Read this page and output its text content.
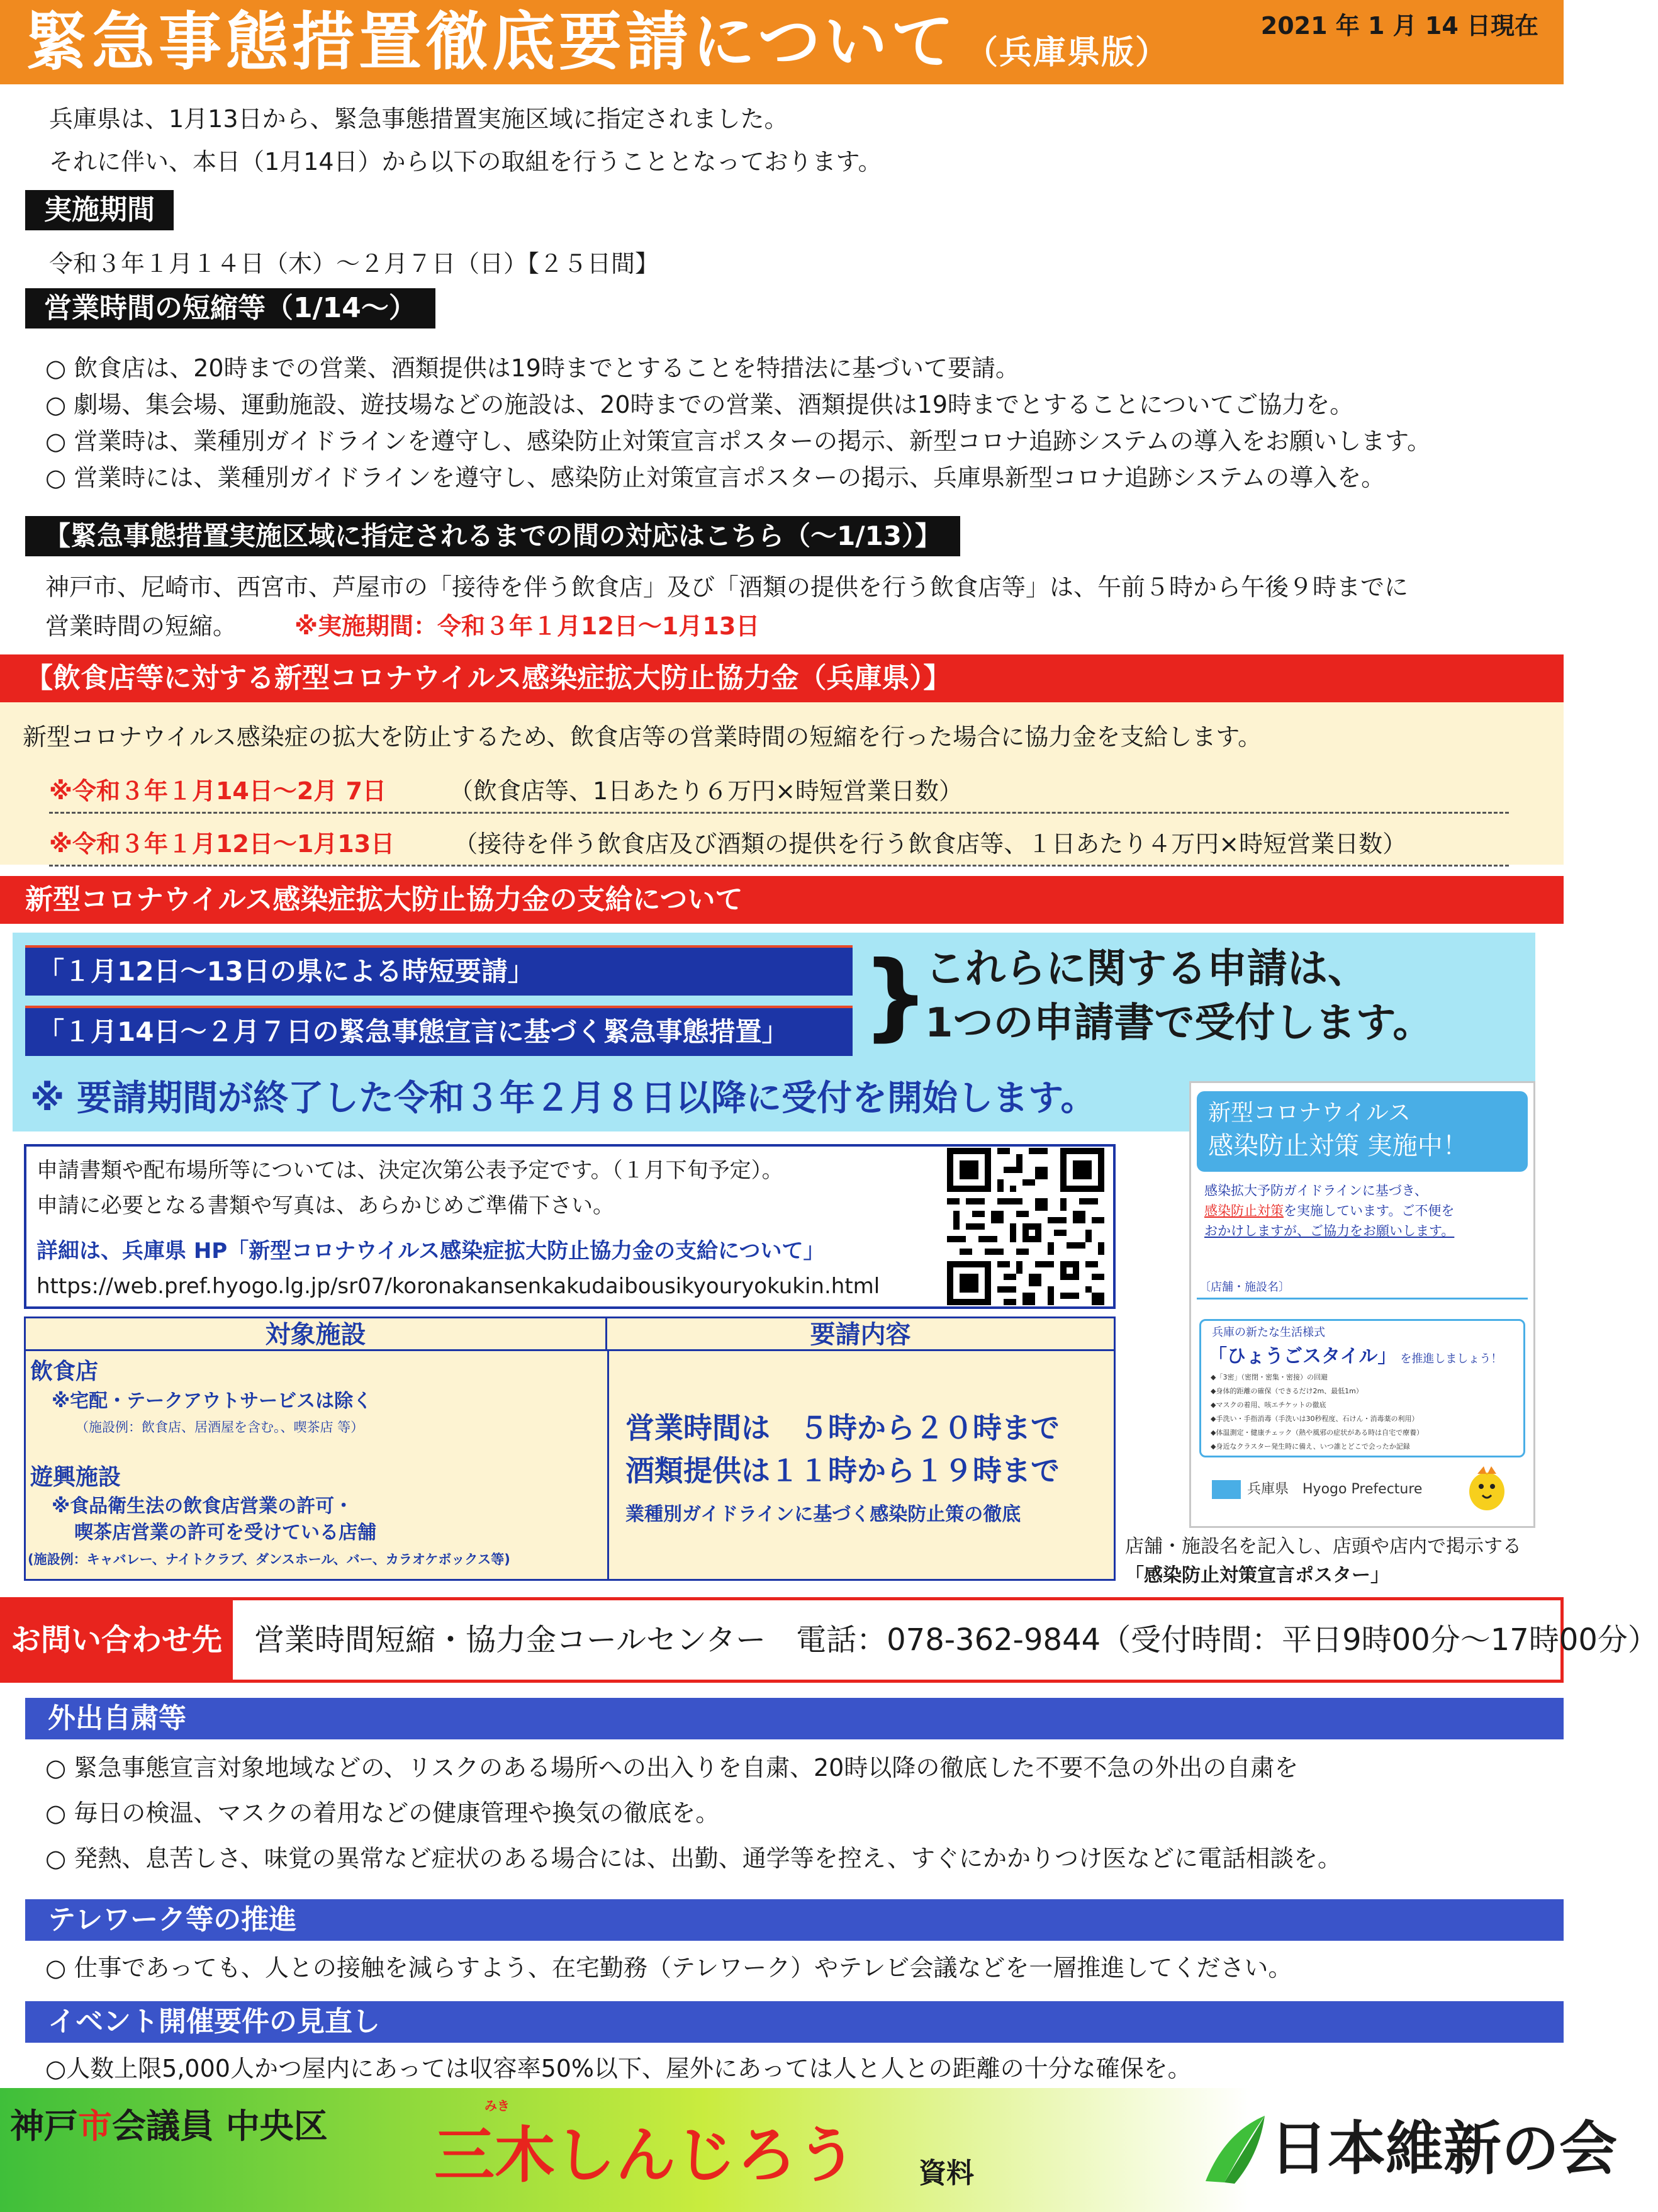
緊急事態措置徹底要請について （兵庫県版）
2021 年 1 月 14 日現在
兵庫県は、1月13日から、緊急事態措置実施区域に指定されました。
それに伴い、本日（1月14日）から以下の取組を行うこととなっております。
実施期間
令和３年１月１４日（木）～２月７日（日）【２５日間】
営業時間の短縮等（1/14～）
○ 飲食店は、20時までの営業、酒類提供は19時までとすることを特措法に基づいて要請。
○ 劇場、集会場、運動施設、遊技場などの施設は、20時までの営業、酒類提供は19時までとすることについてご協力を。
○ 営業時は、業種別ガイドラインを遵守し、感染防止対策宣言ポスターの掲示、新型コロナ追跡システムの導入をお願いします。
○ 営業時には、業種別ガイドラインを遵守し、感染防止対策宣言ポスターの掲示、兵庫県新型コロナ追跡システムの導入を。
【緊急事態措置実施区域に指定されるまでの間の対応はこちら（～1/13）】
神戸市、尼崎市、西宮市、芦屋市の「接待を伴う飲食店」及び「酒類の提供を行う飲食店等」は、午前５時から午後９時までに
営業時間の短縮。 ※実施期間：令和３年１月12日～1月13日
【飲食店等に対する新型コロナウイルス感染症拡大防止協力金（兵庫県）】
新型コロナウイルス感染症の拡大を防止するため、飲食店等の営業時間の短縮を行った場合に協力金を支給します。
※令和３年１月14日～2月 7日	（飲食店等、1日あたり６万円×時短営業日数）
※令和３年１月12日～1月13日 （接待を伴う飲食店及び酒類の提供を行う飲食店等、１日あたり４万円×時短営業日数）
新型コロナウイルス感染症拡大防止協力金の支給について
「１月12日～13日の県による時短要請」
「１月14日～２月７日の緊急事態宣言に基づく緊急事態措置」 }
これらに関する申請は、
1つの申請書で受付します。
※ 要請期間が終了した令和３年２月８日以降に受付を開始します。
申請書類や配布場所等については、決定次第公表予定です。（１月下旬予定）。
申請に必要となる書類や写真は、あらかじめご準備下さい。
詳細は、兵庫県 HP「新型コロナウイルス感染症拡大防止協力金の支給について」
https://web.pref.hyogo.lg.jp/sr07/koronakansenkakudaibousikyouryokukin.html
対象施設	要請内容
飲食店
※宅配・テークアウトサービスは除く
（施設例：飲食店、居酒屋を含む。、喫茶店 等）
遊興施設
※食品衛生法の飲食店営業の許可・
喫茶店営業の許可を受けている店舗
(施設例：キャバレー、ナイトクラブ、ダンスホール、バー、カラオケボックス等)
営業時間は　５時から２０時まで
酒類提供は１１時から１９時まで
業種別ガイドラインに基づく感染防止策の徹底
新型コロナウイルス
感染防止対策 実施中！
感染拡大予防ガイドラインに基づき、
感染防止対策を実施しています。ご不便を
おかけしますが、ご協力をお願いします。
〔店舗・施設名〕
兵庫の新たな生活様式
「ひょうごスタイル」 を推進しましょう！
◆「3密」（密閉・密集・密接）の回避
◆身体的距離の確保（できるだけ2m、最低1m）
◆マスクの着用、咳エチケットの徹底
◆手洗い・手指消毒（手洗いは30秒程度、石けん・消毒薬の利用）
◆体温測定・健康チェック（熱や風邪の症状がある時は自宅で療養）
◆身近なクラスター発生時に備え、いつ誰とどこで会ったか記録
兵庫県　Hyogo Prefecture
店舗・施設名を記入し、店頭や店内で掲示する
「感染防止対策宣言ポスター」
お問い合わせ先	営業時間短縮・協力金コールセンター　電話：078-362-9844（受付時間：平日9時00分～17時00分）
外出自粛等
○ 緊急事態宣言対象地域などの、リスクのある場所への出入りを自粛、20時以降の徹底した不要不急の外出の自粛を
○ 毎日の検温、マスクの着用などの健康管理や換気の徹底を。
○ 発熱、息苦しさ、味覚の異常など症状のある場合には、出勤、通学等を控え、すぐにかかりつけ医などに電話相談を。
テレワーク等の推進
○ 仕事であっても、人との接触を減らすよう、在宅勤務（テレワーク）やテレビ会議などを一層推進してください。
イベント開催要件の見直し
○人数上限5,000人かつ屋内にあっては収容率50%以下、屋外にあっては人と人との距離の十分な確保を。
神戸市会議員 中央区
みき
三木しんじろう 資料	日本維新の会
